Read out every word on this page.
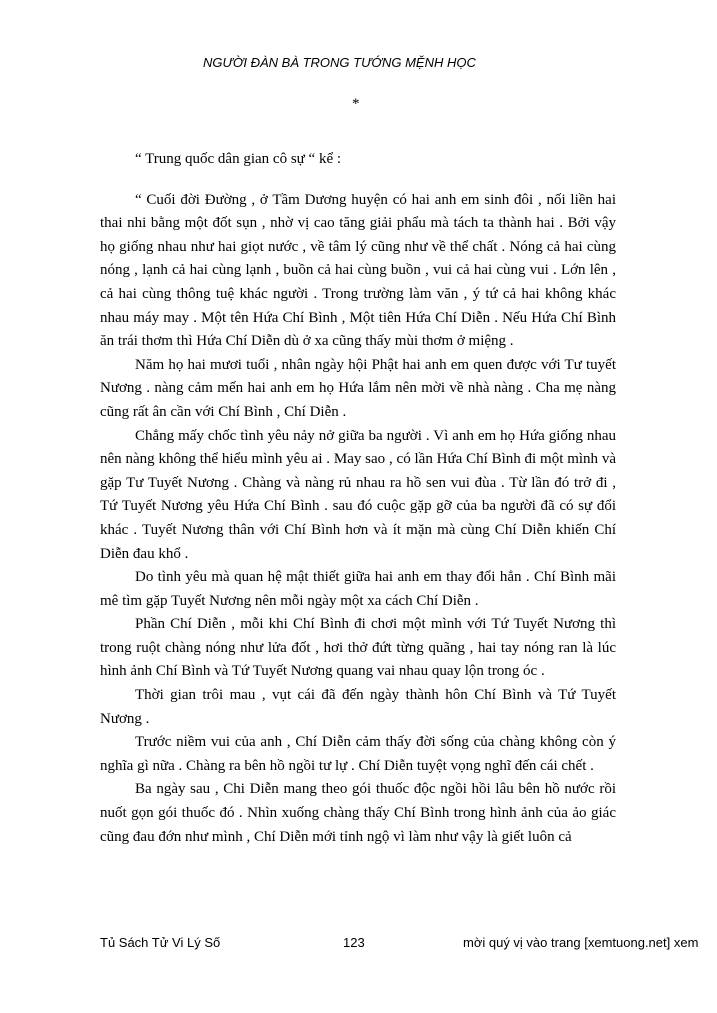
NGƯỜI ĐÀN BÀ TRONG TƯỚNG MỆNH HỌC
*

“ Trung quốc dân gian cô sự “ kể :

“ Cuối đời Đường , ở Tầm Dương huyện có hai anh em sinh đôi , nối liền hai thai nhi bằng một đốt sụn , nhờ vị cao tăng giải phẩu mà tách ta thành hai . Bởi vậy họ giống nhau như hai giọt nước , về tâm lý cũng như về thể chất . Nóng cả hai cùng nóng , lạnh cả hai cùng lạnh , buồn cả hai cùng buồn , vui cả hai cùng vui . Lớn lên , cả hai cùng thông tuệ khác người . Trong trường làm văn , ý tứ cả hai không khác nhau máy may . Một tên Hứa Chí Bình , Một tiên Hứa Chí Diễn . Nếu Hứa Chí Bình ăn trái thơm thì Hứa Chí Diễn dù ở xa cũng thấy mùi thơm ở miệng .

Năm họ hai mươi tuổi , nhân ngày hội Phật hai anh em quen được với Tư tuyết Nương . nàng cảm mến hai anh em họ Hứa lắm nên mời về nhà nàng . Cha mẹ nàng cũng rất ân cần với Chí Bình , Chí Diễn .

Chẳng mấy chốc tình yêu nảy nở giữa ba người . Vì anh em họ Hứa giống nhau nên nàng không thể hiểu mình yêu ai . May sao , có lần Hứa Chí Bình đi một mình và gặp Tư Tuyết Nương . Chàng và nàng rủ nhau ra hồ sen vui đùa . Từ lần đó trở đi , Tứ Tuyết Nương yêu Hứa Chí Bình . sau đó cuộc gặp gỡ của ba người đã có sự đổi khác . Tuyết Nương thân với Chí Bình hơn và ít mặn mà cùng Chí Diễn khiến Chí Diễn đau khổ .

Do tình yêu mà quan hệ mật thiết giữa hai anh em thay đổi hẳn . Chí Bình mãi mê tìm gặp Tuyết Nương nên mỗi ngày một xa cách Chí Diễn .

Phần Chí Diễn , mỗi khi Chí Bình đi chơi một mình với Tứ Tuyết Nương thì trong ruột chàng nóng như lửa đốt , hơi thở đứt từng quãng , hai tay nóng ran là lúc hình ảnh Chí Bình và Tứ Tuyết Nương quang vai nhau quay lộn trong óc .

Thời gian trôi mau , vụt cái đã đến ngày thành hôn Chí Bình và Tứ Tuyết Nương .

Trước niềm vui của anh , Chí Diễn cảm thấy đời sống của chàng không còn ý nghĩa gì nữa . Chàng ra bên hồ ngồi tư lự . Chí Diễn tuyệt vọng nghĩ đến cái chết .

Ba ngày sau , Chi Diễn mang theo gói thuốc độc ngồi hồi lâu bên hồ nước rồi nuốt gọn gói thuốc đó . Nhìn xuống chàng thấy Chí Bình trong hình ảnh của ảo giác cũng đau đớn như mình , Chí Diễn mới tỉnh ngộ vì làm như vậy là giết luôn cả

Tủ Sách Tử Vi Lý Số	123	mời quý vị vào trang [xemtuong.net] xem
